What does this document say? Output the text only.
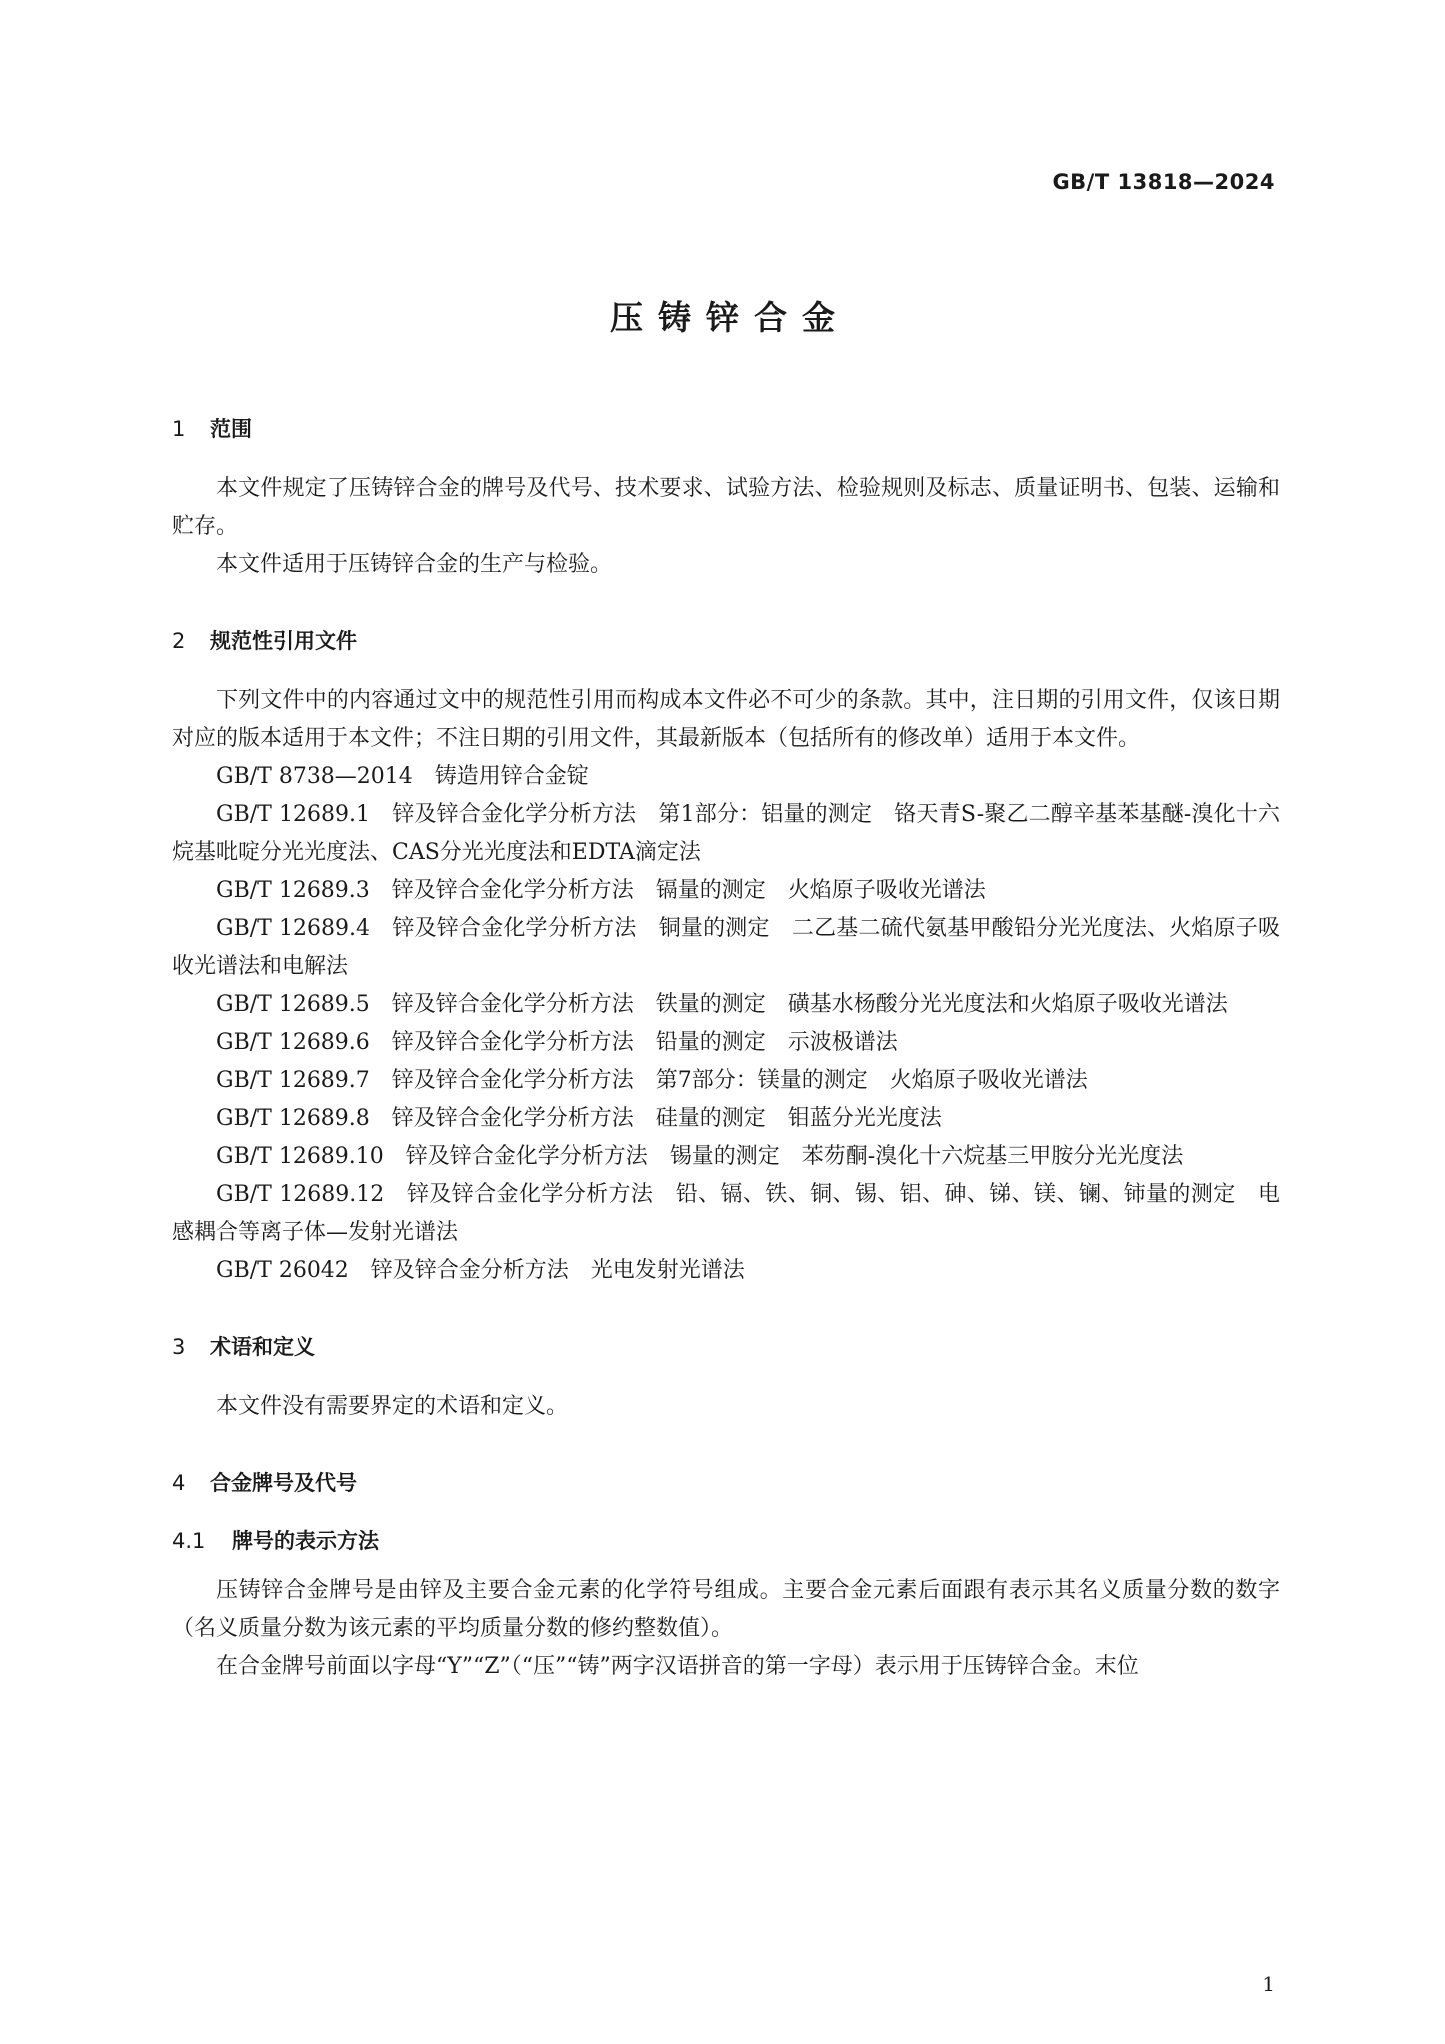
GB/T 13818—2024
压铸锌合金
1 范围
本文件规定了压铸锌合金的牌号及代号、技术要求、试验方法、检验规则及标志、质量证明书、包装、运输和贮存。
本文件适用于压铸锌合金的生产与检验。
2 规范性引用文件
下列文件中的内容通过文中的规范性引用而构成本文件必不可少的条款。其中，注日期的引用文件，仅该日期对应的版本适用于本文件；不注日期的引用文件，其最新版本（包括所有的修改单）适用于本文件。
GB/T 8738—2014　铸造用锌合金锭
GB/T 12689.1　锌及锌合金化学分析方法　第1部分：铝量的测定　铬天青S-聚乙二醇辛基苯基醚-溴化十六烷基吡啶分光光度法、CAS分光光度法和EDTA滴定法
GB/T 12689.3　锌及锌合金化学分析方法　镉量的测定　火焰原子吸收光谱法
GB/T 12689.4　锌及锌合金化学分析方法　铜量的测定　二乙基二硫代氨基甲酸铅分光光度法、火焰原子吸收光谱法和电解法
GB/T 12689.5　锌及锌合金化学分析方法　铁量的测定　磺基水杨酸分光光度法和火焰原子吸收光谱法
GB/T 12689.6　锌及锌合金化学分析方法　铅量的测定　示波极谱法
GB/T 12689.7　锌及锌合金化学分析方法　第7部分：镁量的测定　火焰原子吸收光谱法
GB/T 12689.8　锌及锌合金化学分析方法　硅量的测定　钼蓝分光光度法
GB/T 12689.10　锌及锌合金化学分析方法　锡量的测定　苯芴酮-溴化十六烷基三甲胺分光光度法
GB/T 12689.12　锌及锌合金化学分析方法　铅、镉、铁、铜、锡、铝、砷、锑、镁、镧、铈量的测定　电感耦合等离子体—发射光谱法
GB/T 26042　锌及锌合金分析方法　光电发射光谱法
3 术语和定义
本文件没有需要界定的术语和定义。
4 合金牌号及代号
4.1 牌号的表示方法
压铸锌合金牌号是由锌及主要合金元素的化学符号组成。主要合金元素后面跟有表示其名义质量分数的数字（名义质量分数为该元素的平均质量分数的修约整数值）。
在合金牌号前面以字母“Y”“Z”（“压”“铸”两字汉语拼音的第一字母）表示用于压铸锌合金。末位
1
